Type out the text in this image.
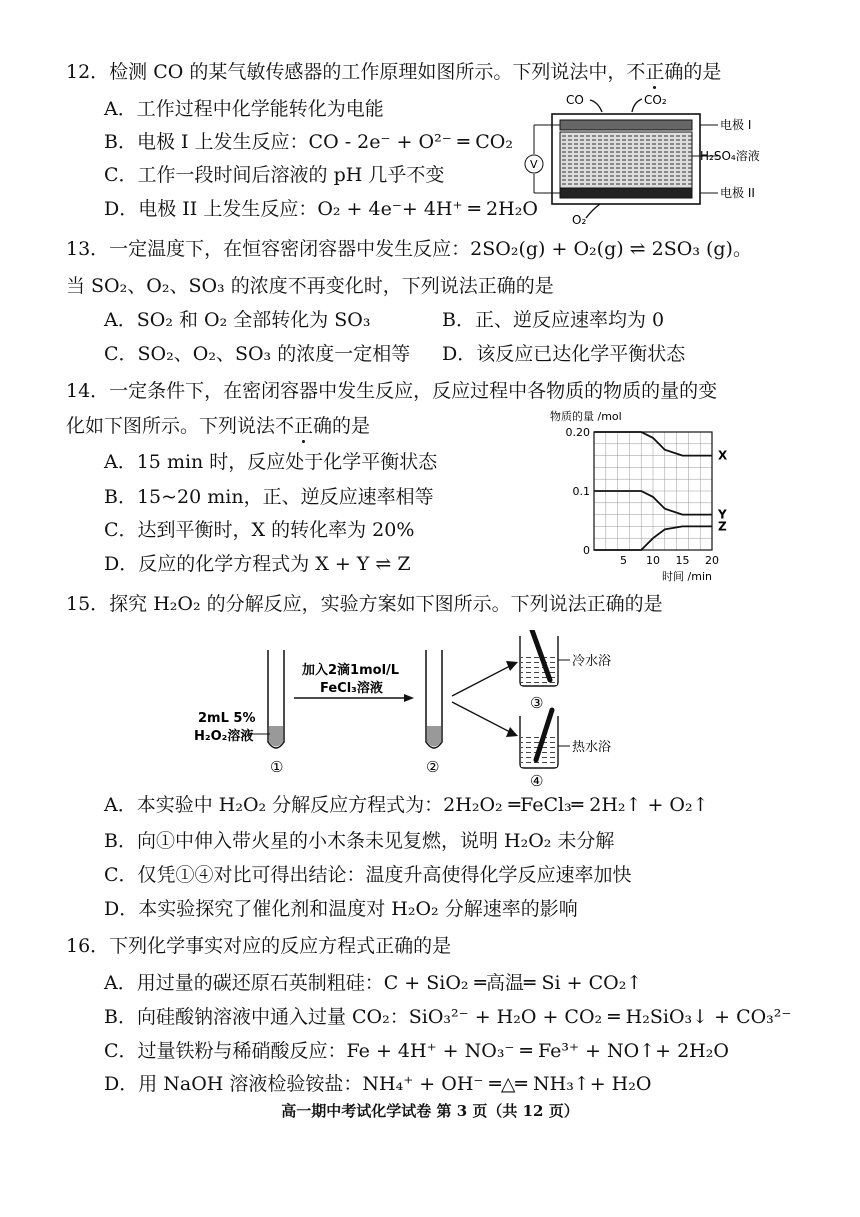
12．检测 CO 的某气敏传感器的工作原理如图所示。下列说法中，不正确的是
A．工作过程中化学能转化为电能
B．电极 I 上发生反应：CO - 2e⁻ + O²⁻ ═ CO₂
C．工作一段时间后溶液的 pH 几乎不变
D．电极 II 上发生反应：O₂ + 4e⁻+ 4H⁺ ═ 2H₂O
CO	CO₂
V
电极 I
H₂SO₄溶液
电极 II
O₂
13．一定温度下，在恒容密闭容器中发生反应：2SO₂(g) + O₂(g) ⇌ 2SO₃ (g)。
当 SO₂、O₂、SO₃ 的浓度不再变化时，下列说法正确的是
A．SO₂ 和 O₂ 全部转化为 SO₃	B．正、逆反应速率均为 0
C．SO₂、O₂、SO₃ 的浓度一定相等 D．该反应已达化学平衡状态
14．一定条件下，在密闭容器中发生反应，反应过程中各物质的物质的量的变
化如下图所示。下列说法不正确的是
A．15 min 时，反应处于化学平衡状态
B．15~20 min，正、逆反应速率相等
C．达到平衡时，X 的转化率为 20%
D．反应的化学方程式为 X + Y ⇌ Z
物质的量 /mol
0
0.1
0.20
5 10 15 20
时间 /min
X
Y
Z
15．探究 H₂O₂ 的分解反应，实验方案如下图所示。下列说法正确的是
2mL 5%
H₂O₂溶液
①
加入2滴1mol/L
FeCl₃溶液
②
冷水浴
③
热水浴
④
A．本实验中 H₂O₂ 分解反应方程式为：2H₂O₂ ═FeCl₃═ 2H₂↑ + O₂↑
B．向①中伸入带火星的小木条未见复燃，说明 H₂O₂ 未分解
C．仅凭①④对比可得出结论：温度升高使得化学反应速率加快
D．本实验探究了催化剂和温度对 H₂O₂ 分解速率的影响
16．下列化学事实对应的反应方程式正确的是
A．用过量的碳还原石英制粗硅：C + SiO₂ ═高温═ Si + CO₂↑
B．向硅酸钠溶液中通入过量 CO₂：SiO₃²⁻ + H₂O + CO₂ ═ H₂SiO₃↓ + CO₃²⁻
C．过量铁粉与稀硝酸反应：Fe + 4H⁺ + NO₃⁻ ═ Fe³⁺ + NO↑+ 2H₂O
D．用 NaOH 溶液检验铵盐：NH₄⁺ + OH⁻ ═△═ NH₃↑+ H₂O
高一期中考试化学试卷 第 3 页（共 12 页）
